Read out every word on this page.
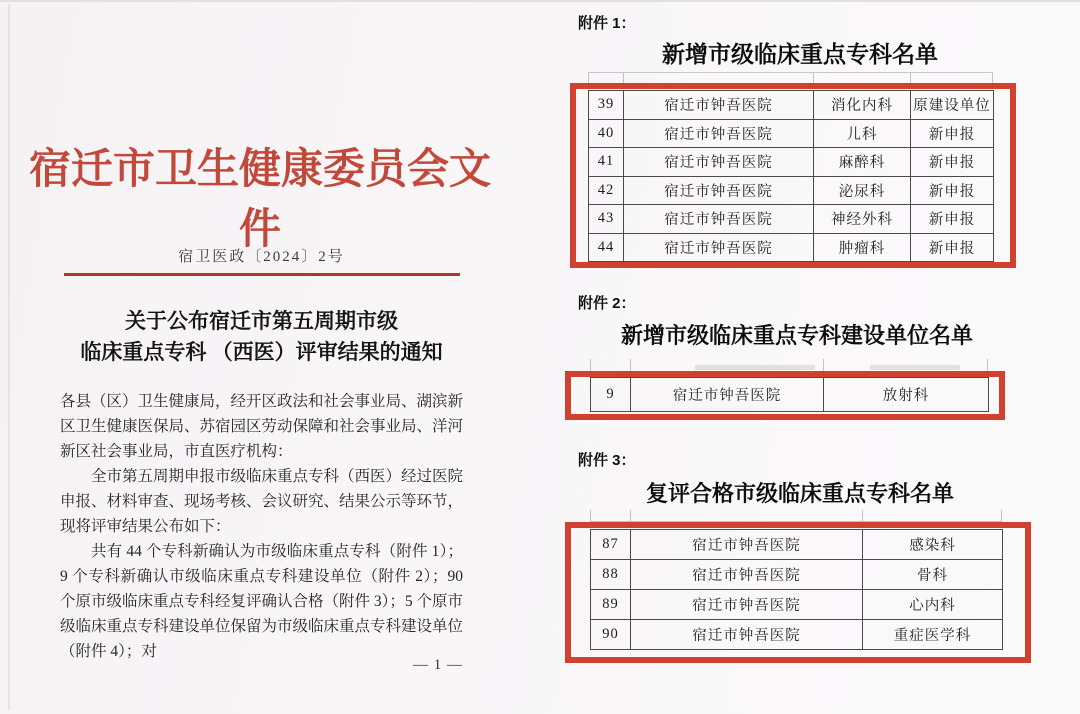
宿迁市卫生健康委员会文件
宿卫医政〔2024〕2号
关于公布宿迁市第五周期市级
临床重点专科 （西医）评审结果的通知

各县（区）卫生健康局，经开区政法和社会事业局、湖滨新区卫生健康医保局、苏宿园区劳动保障和社会事业局、洋河新区社会事业局，市直医疗机构：

全市第五周期申报市级临床重点专科（西医）经过医院申报、材料审查、现场考核、会议研究、结果公示等环节，现将评审结果公布如下：

共有 44 个专科新确认为市级临床重点专科（附件 1）；9 个专科新确认市级临床重点专科建设单位（附件 2）；90 个原市级临床重点专科经复评确认合格（附件 3）；5 个原市级临床重点专科建设单位保留为市级临床重点专科建设单位（附件 4）；对

— 1 —
附件 1：
新增市级临床重点专科名单
39	宿迁市钟吾医院	消化内科	原建设单位
40	宿迁市钟吾医院	儿科	新申报
41	宿迁市钟吾医院	麻醉科	新申报
42	宿迁市钟吾医院	泌尿科	新申报
43	宿迁市钟吾医院	神经外科	新申报
44	宿迁市钟吾医院	肿瘤科	新申报
附件 2：
新增市级临床重点专科建设单位名单
9	宿迁市钟吾医院	放射科
附件 3：
复评合格市级临床重点专科名单
87	宿迁市钟吾医院	感染科
88	宿迁市钟吾医院	骨科
89	宿迁市钟吾医院	心内科
90	宿迁市钟吾医院	重症医学科
